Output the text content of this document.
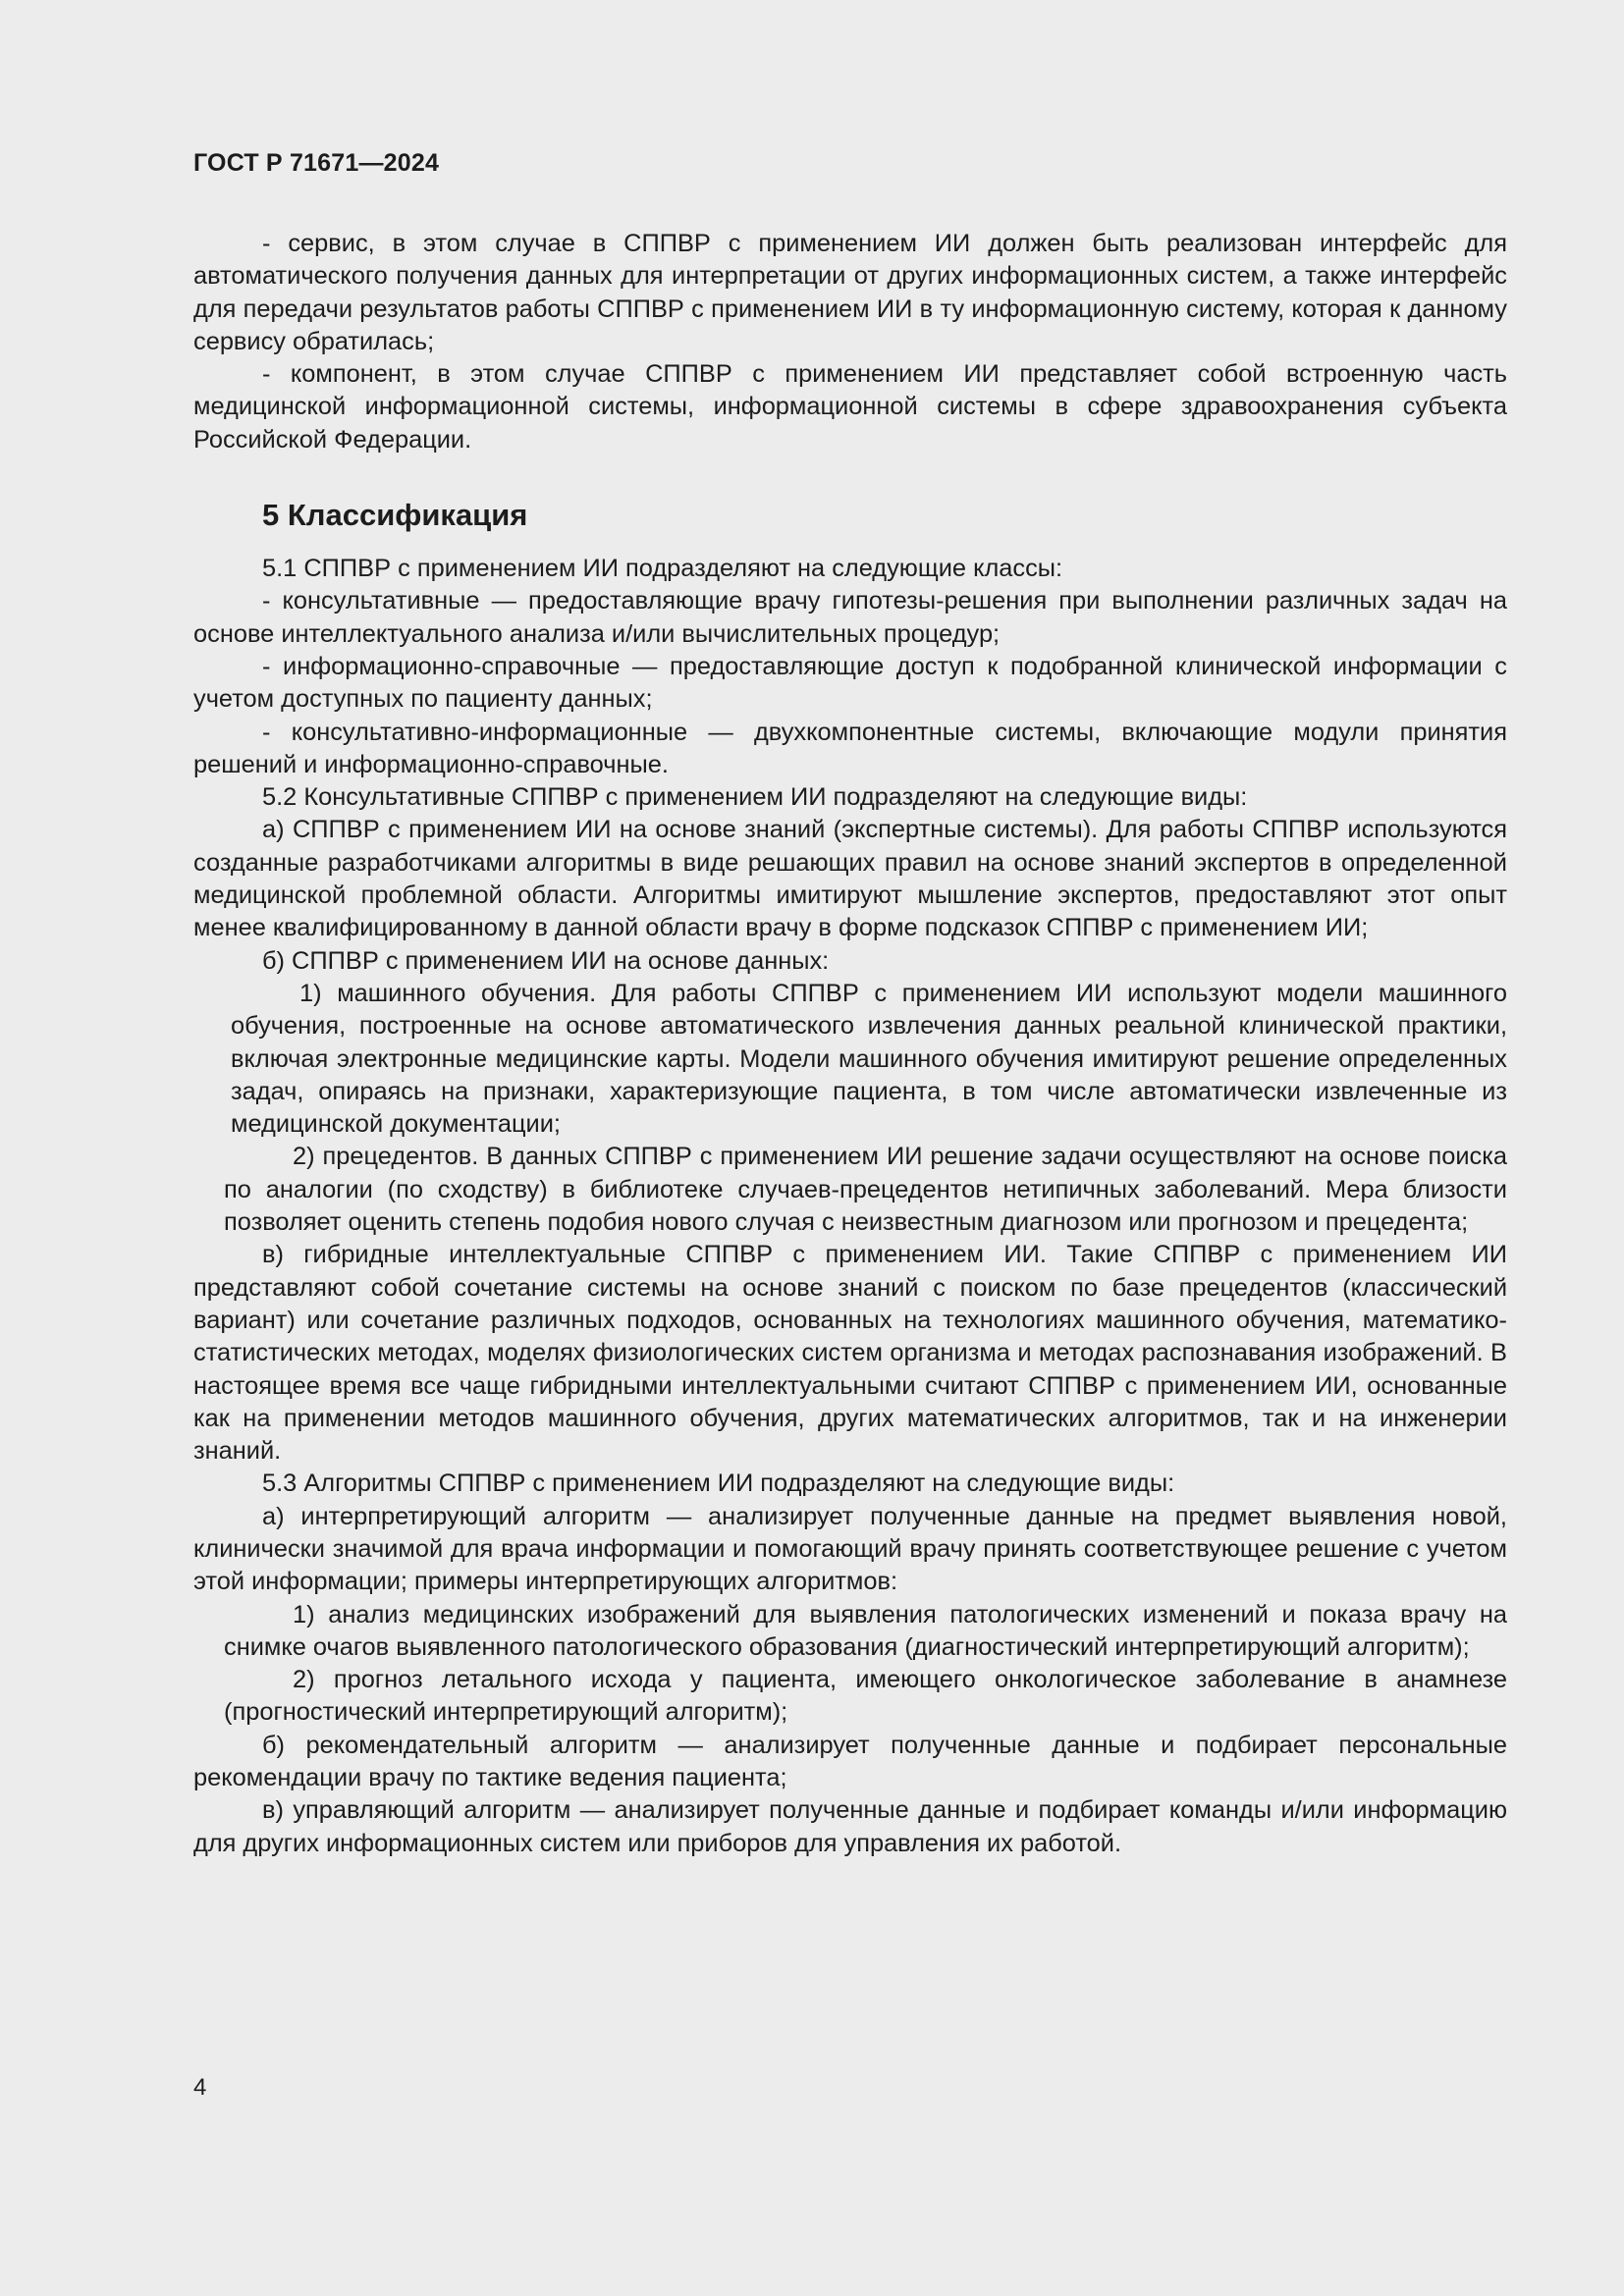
ГОСТ Р 71671—2024

- сервис, в этом случае в СППВР с применением ИИ должен быть реализован интерфейс для автоматического получения данных для интерпретации от других информационных систем, а также интерфейс для передачи результатов работы СППВР с применением ИИ в ту информационную систему, которая к данному сервису обратилась;

- компонент, в этом случае СППВР с применением ИИ представляет собой встроенную часть медицинской информационной системы, информационной системы в сфере здравоохранения субъекта Российской Федерации.

5 Классификация

5.1 СППВР с применением ИИ подразделяют на следующие классы:

- консультативные — предоставляющие врачу гипотезы-решения при выполнении различных задач на основе интеллектуального анализа и/или вычислительных процедур;

- информационно-справочные — предоставляющие доступ к подобранной клинической информации с учетом доступных по пациенту данных;

- консультативно-информационные — двухкомпонентные системы, включающие модули принятия решений и информационно-справочные.

5.2 Консультативные СППВР с применением ИИ подразделяют на следующие виды:

а) СППВР с применением ИИ на основе знаний (экспертные системы). Для работы СППВР используются созданные разработчиками алгоритмы в виде решающих правил на основе знаний экспертов в определенной медицинской проблемной области. Алгоритмы имитируют мышление экспертов, предоставляют этот опыт менее квалифицированному в данной области врачу в форме подсказок СППВР с применением ИИ;

б) СППВР с применением ИИ на основе данных:

1) машинного обучения. Для работы СППВР с применением ИИ используют модели машинного обучения, построенные на основе автоматического извлечения данных реальной клинической практики, включая электронные медицинские карты. Модели машинного обучения имитируют решение определенных задач, опираясь на признаки, характеризующие пациента, в том числе автоматически извлеченные из медицинской документации;

2) прецедентов. В данных СППВР с применением ИИ решение задачи осуществляют на основе поиска по аналогии (по сходству) в библиотеке случаев-прецедентов нетипичных заболеваний. Мера близости позволяет оценить степень подобия нового случая с неизвестным диагнозом или прогнозом и прецедента;

в) гибридные интеллектуальные СППВР с применением ИИ. Такие СППВР с применением ИИ представляют собой сочетание системы на основе знаний с поиском по базе прецедентов (классический вариант) или сочетание различных подходов, основанных на технологиях машинного обучения, математико-статистических методах, моделях физиологических систем организма и методах распознавания изображений. В настоящее время все чаще гибридными интеллектуальными считают СППВР с применением ИИ, основанные как на применении методов машинного обучения, других математических алгоритмов, так и на инженерии знаний.

5.3 Алгоритмы СППВР с применением ИИ подразделяют на следующие виды:

а) интерпретирующий алгоритм — анализирует полученные данные на предмет выявления новой, клинически значимой для врача информации и помогающий врачу принять соответствующее решение с учетом этой информации; примеры интерпретирующих алгоритмов:

1) анализ медицинских изображений для выявления патологических изменений и показа врачу на снимке очагов выявленного патологического образования (диагностический интерпретирующий алгоритм);

2) прогноз летального исхода у пациента, имеющего онкологическое заболевание в анамнезе (прогностический интерпретирующий алгоритм);

б) рекомендательный алгоритм — анализирует полученные данные и подбирает персональные рекомендации врачу по тактике ведения пациента;

в) управляющий алгоритм — анализирует полученные данные и подбирает команды и/или информацию для других информационных систем или приборов для управления их работой.

4
